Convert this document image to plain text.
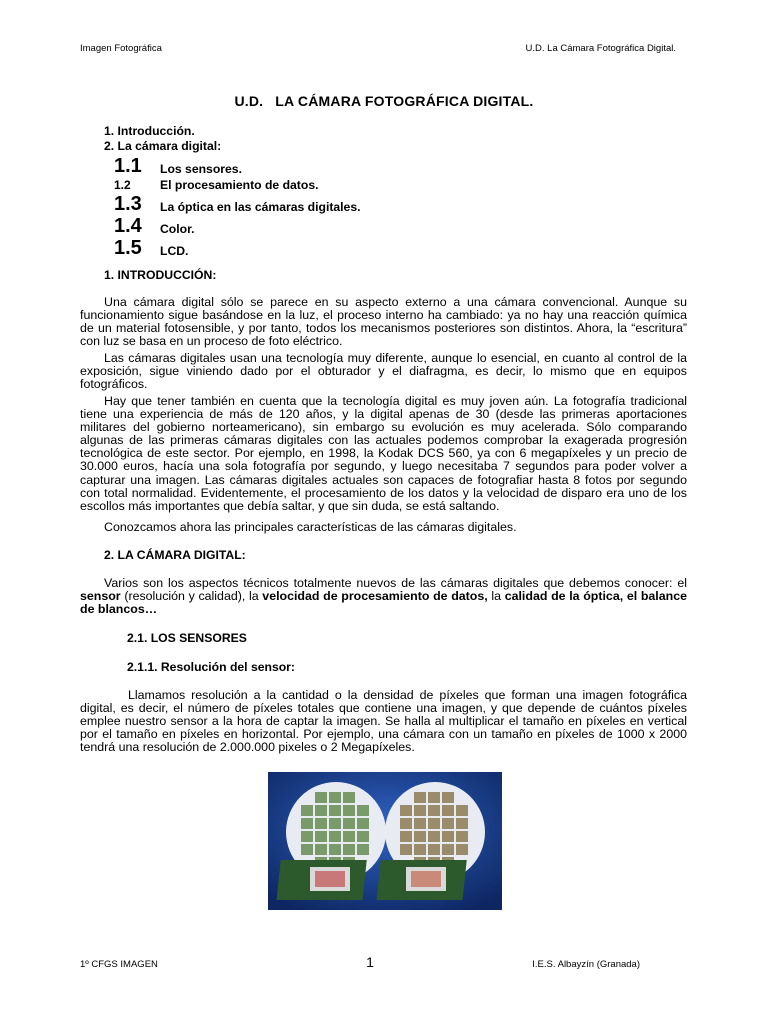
Imagen Fotográfica	U.D. La Cámara Fotográfica Digital.
U.D. LA CÁMARA FOTOGRÁFICA DIGITAL.
1. Introducción.
2. La cámara digital:
1.1 Los sensores.
1.2 El procesamiento de datos.
1.3 La óptica en las cámaras digitales.
1.4 Color.
1.5 LCD.
1. INTRODUCCIÓN:
Una cámara digital sólo se parece en su aspecto externo a una cámara convencional. Aunque su funcionamiento sigue basándose en la luz, el proceso interno ha cambiado: ya no hay una reacción química de un material fotosensible, y por tanto, todos los mecanismos posteriores son distintos. Ahora, la “escritura” con luz se basa en un proceso de foto eléctrico.
Las cámaras digitales usan una tecnología muy diferente, aunque lo esencial, en cuanto al control de la exposición, sigue viniendo dado por el obturador y el diafragma, es decir, lo mismo que en equipos fotográficos.
Hay que tener también en cuenta que la tecnología digital es muy joven aún. La fotografía tradicional tiene una experiencia de más de 120 años, y la digital apenas de 30 (desde las primeras aportaciones militares del gobierno norteamericano), sin embargo su evolución es muy acelerada. Sólo comparando algunas de las primeras cámaras digitales con las actuales podemos comprobar la exagerada progresión tecnológica de este sector. Por ejemplo, en 1998, la Kodak DCS 560, ya con 6 megapíxeles y un precio de 30.000 euros, hacía una sola fotografía por segundo, y luego necesitaba 7 segundos para poder volver a capturar una imagen. Las cámaras digitales actuales son capaces de fotografiar hasta 8 fotos por segundo con total normalidad. Evidentemente, el procesamiento de los datos y la velocidad de disparo era uno de los escollos más importantes que debía saltar, y que sin duda, se está saltando.
Conozcamos ahora las principales características de las cámaras digitales.
2. LA CÁMARA DIGITAL:
Varios son los aspectos técnicos totalmente nuevos de las cámaras digitales que debemos conocer: el sensor (resolución y calidad), la velocidad de procesamiento de datos, la calidad de la óptica, el balance de blancos…
2.1. LOS SENSORES
2.1.1. Resolución del sensor:
Llamamos resolución a la cantidad o la densidad de píxeles que forman una imagen fotográfica digital, es decir, el número de píxeles totales que contiene una imagen, y que depende de cuántos píxeles emplee nuestro sensor a la hora de captar la imagen. Se halla al multiplicar el tamaño en píxeles en vertical por el tamaño en píxeles en horizontal. Por ejemplo, una cámara con un tamaño en píxeles de 1000 x 2000 tendrá una resolución de 2.000.000 pixeles o 2 Megapíxeles.
1º CFGS IMAGEN	1	I.E.S. Albayzín (Granada)
